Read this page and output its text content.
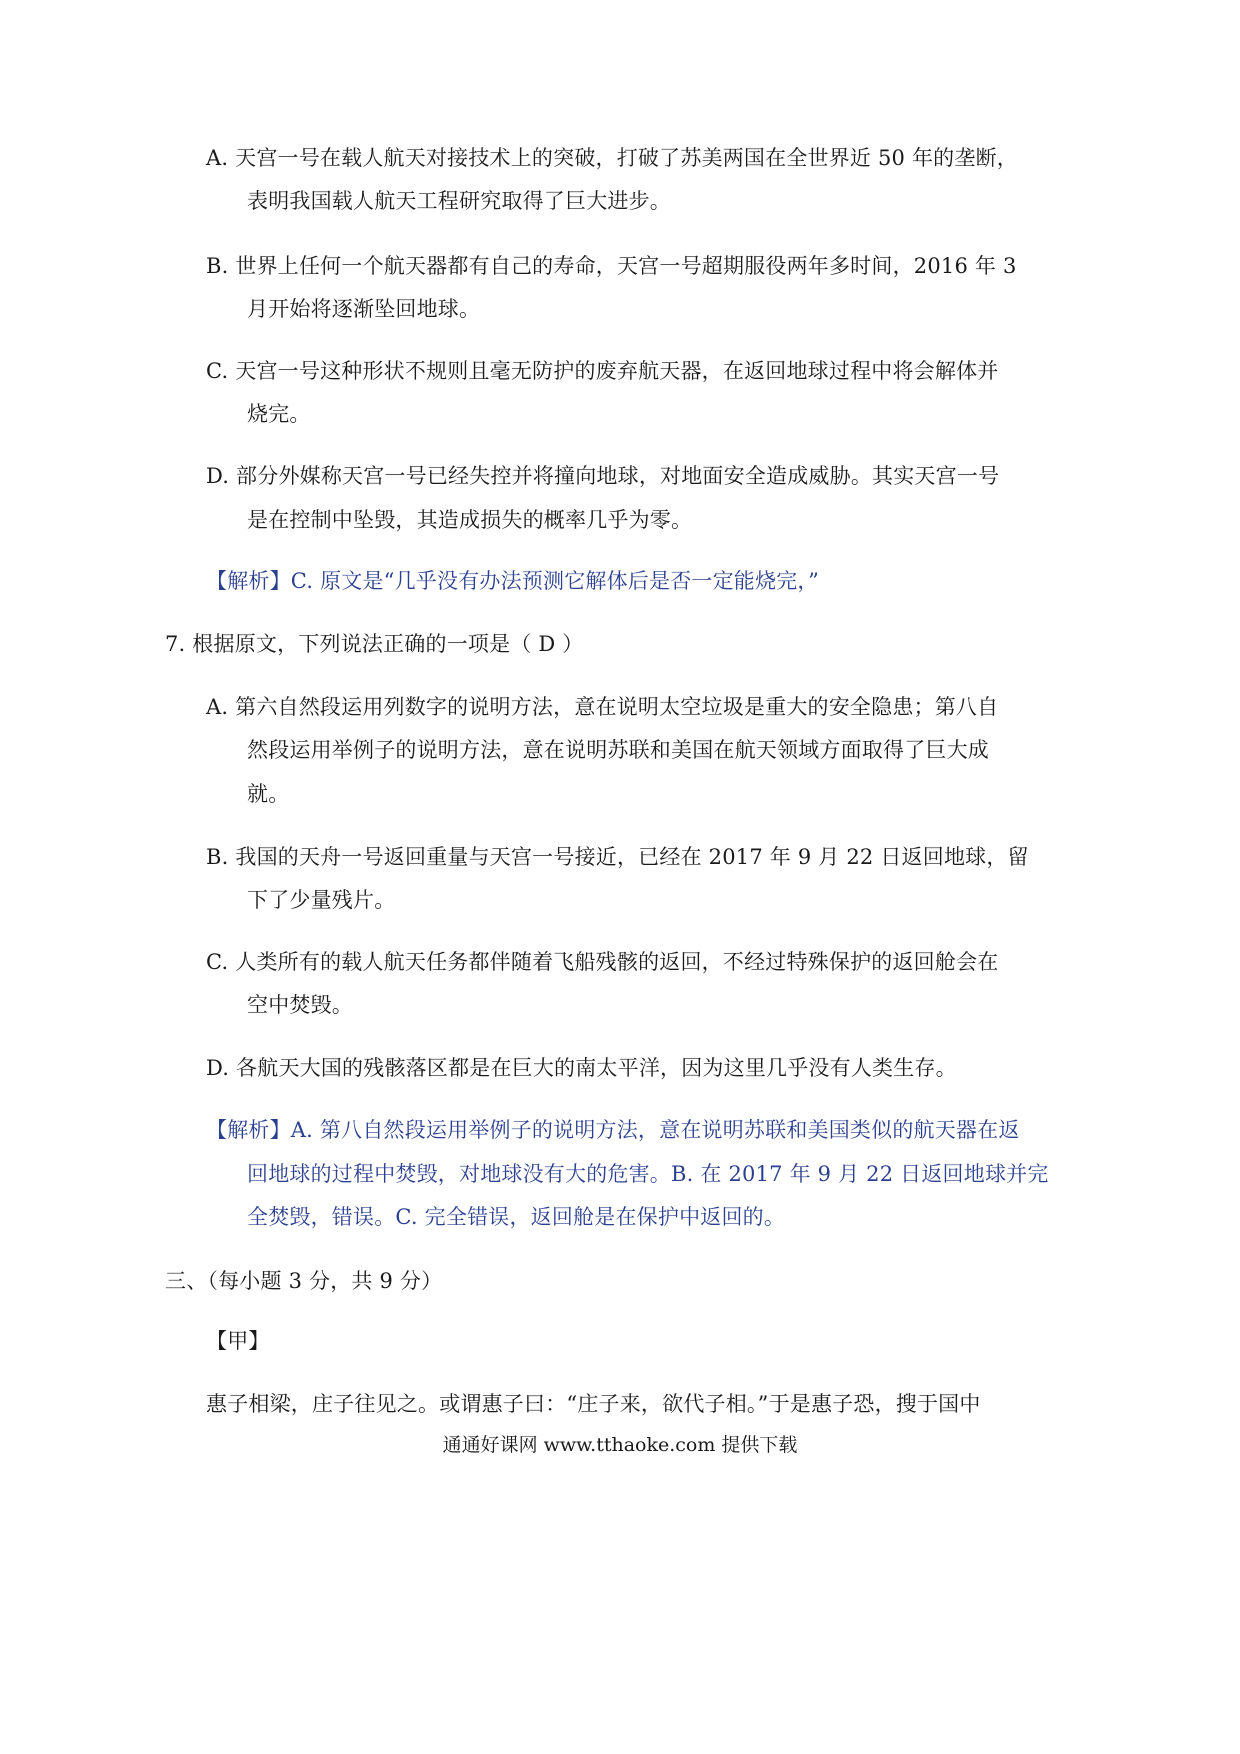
A. 天宫一号在载人航天对接技术上的突破，打破了苏美两国在全世界近 50 年的垄断，
表明我国载人航天工程研究取得了巨大进步。
B. 世界上任何一个航天器都有自己的寿命，天宫一号超期服役两年多时间，2016 年 3
月开始将逐渐坠回地球。
C. 天宫一号这种形状不规则且毫无防护的废弃航天器，在返回地球过程中将会解体并
烧完。
D. 部分外媒称天宫一号已经失控并将撞向地球，对地面安全造成威胁。其实天宫一号
是在控制中坠毁，其造成损失的概率几乎为零。
【解析】C. 原文是“几乎没有办法预测它解体后是否一定能烧完，”
7. 根据原文，下列说法正确的一项是（ D ）
A. 第六自然段运用列数字的说明方法，意在说明太空垃圾是重大的安全隐患；第八自
然段运用举例子的说明方法，意在说明苏联和美国在航天领域方面取得了巨大成
就。
B. 我国的天舟一号返回重量与天宫一号接近，已经在 2017 年 9 月 22 日返回地球，留
下了少量残片。
C. 人类所有的载人航天任务都伴随着飞船残骸的返回，不经过特殊保护的返回舱会在
空中焚毁。
D. 各航天大国的残骸落区都是在巨大的南太平洋，因为这里几乎没有人类生存。
【解析】A. 第八自然段运用举例子的说明方法，意在说明苏联和美国类似的航天器在返
回地球的过程中焚毁，对地球没有大的危害。B. 在 2017 年 9 月 22 日返回地球并完
全焚毁，错误。C. 完全错误，返回舱是在保护中返回的。
三、（每小题 3 分，共 9 分）
【甲】
惠子相梁，庄子往见之。或谓惠子曰：“庄子来，欲代子相。”于是惠子恐，搜于国中
通通好课网 www.tthaoke.com 提供下载
